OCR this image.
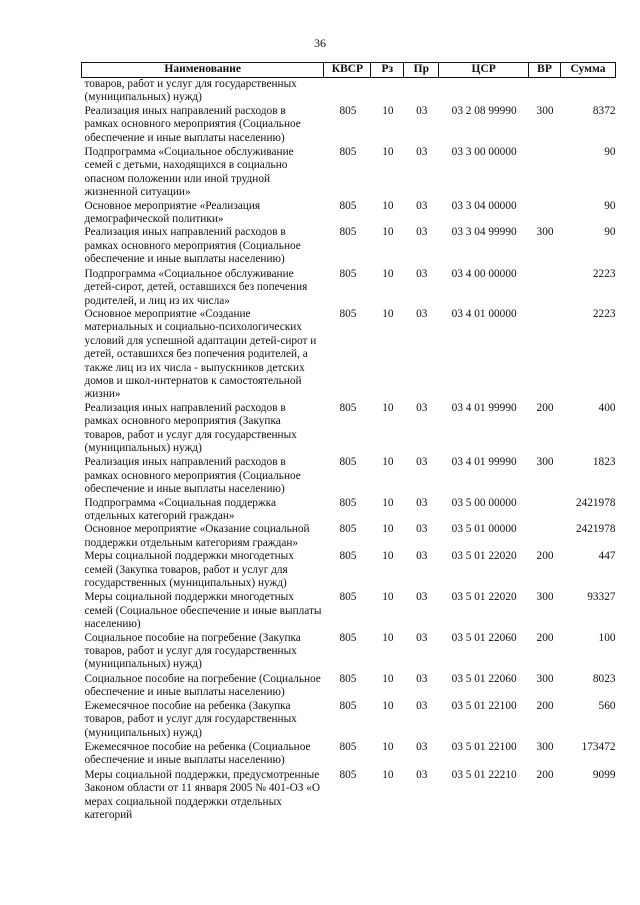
36
Наименование	КВСР	Рз	Пр	ЦСР	ВР	Сумма
товаров, работ и услуг для государственных (муниципальных) нужд)						
Реализация иных направлений расходов в рамках основного мероприятия (Социальное обеспечение и иные выплаты населению)	805	10	03	03 2 08 99990	300	8372
Подпрограмма «Социальное обслуживание семей с детьми, находящихся в социально опасном положении или иной трудной жизненной ситуации»	805	10	03	03 3 00 00000		90
Основное мероприятие «Реализация демографической политики»	805	10	03	03 3 04 00000		90
Реализация иных направлений расходов в рамках основного мероприятия (Социальное обеспечение и иные выплаты населению)	805	10	03	03 3 04 99990	300	90
Подпрограмма «Социальное обслуживание детей-сирот, детей, оставшихся без попечения родителей, и лиц из их числа»	805	10	03	03 4 00 00000		2223
Основное мероприятие «Создание материальных и социально-психологических условий для успешной адаптации детей-сирот и детей, оставшихся без попечения родителей, а также лиц из их числа - выпускников детских домов и школ-интернатов к самостоятельной жизни»	805	10	03	03 4 01 00000		2223
Реализация иных направлений расходов в рамках основного мероприятия (Закупка товаров, работ и услуг для государственных (муниципальных) нужд)	805	10	03	03 4 01 99990	200	400
Реализация иных направлений расходов в рамках основного мероприятия (Социальное обеспечение и иные выплаты населению)	805	10	03	03 4 01 99990	300	1823
Подпрограмма «Социальная поддержка отдельных категорий граждан»	805	10	03	03 5 00 00000		2421978
Основное мероприятие «Оказание социальной поддержки отдельным категориям граждан»	805	10	03	03 5 01 00000		2421978
Меры социальной поддержки многодетных семей (Закупка товаров, работ и услуг для государственных (муниципальных) нужд)	805	10	03	03 5 01 22020	200	447
Меры социальной поддержки многодетных семей (Социальное обеспечение и иные выплаты населению)	805	10	03	03 5 01 22020	300	93327
Социальное пособие на погребение (Закупка товаров, работ и услуг для государственных (муниципальных) нужд)	805	10	03	03 5 01 22060	200	100
Социальное пособие на погребение (Социальное обеспечение и иные выплаты населению)	805	10	03	03 5 01 22060	300	8023
Ежемесячное пособие на ребенка (Закупка товаров, работ и услуг для государственных (муниципальных) нужд)	805	10	03	03 5 01 22100	200	560
Ежемесячное пособие на ребенка (Социальное обеспечение и иные выплаты населению)	805	10	03	03 5 01 22100	300	173472
Меры социальной поддержки, предусмотренные Законом области от 11 января 2005 № 401-ОЗ «О мерах социальной поддержки отдельных категорий	805	10	03	03 5 01 22210	200	9099
